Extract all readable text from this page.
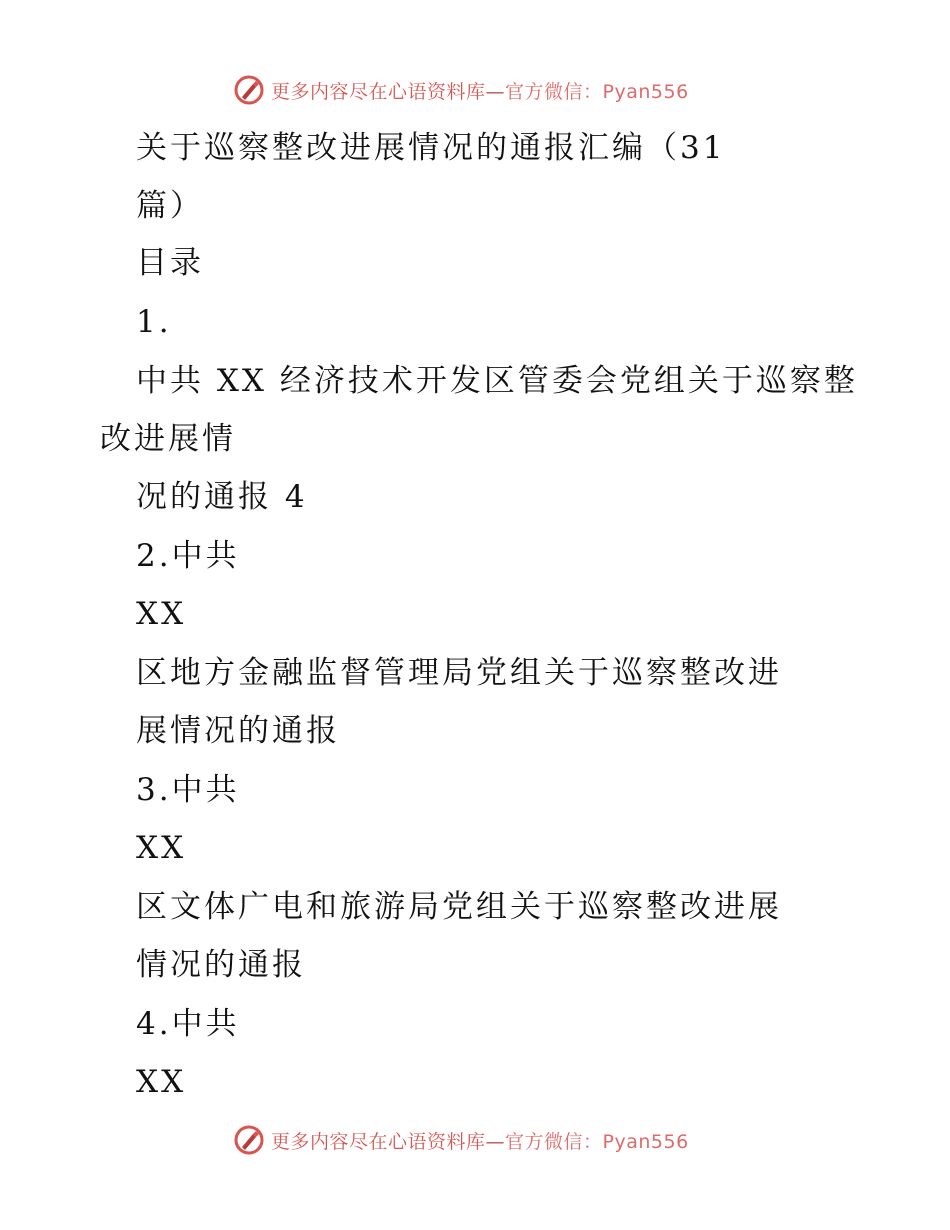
更多内容尽在心语资料库—官方微信：Pyan556
关于巡察整改进展情况的通报汇编（31
篇）
目录
1.
中共 XX 经济技术开发区管委会党组关于巡察整
改进展情
况的通报 4
2.中共
XX
区地方金融监督管理局党组关于巡察整改进
展情况的通报
3.中共
XX
区文体广电和旅游局党组关于巡察整改进展
情况的通报
4.中共
XX
更多内容尽在心语资料库—官方微信：Pyan556
